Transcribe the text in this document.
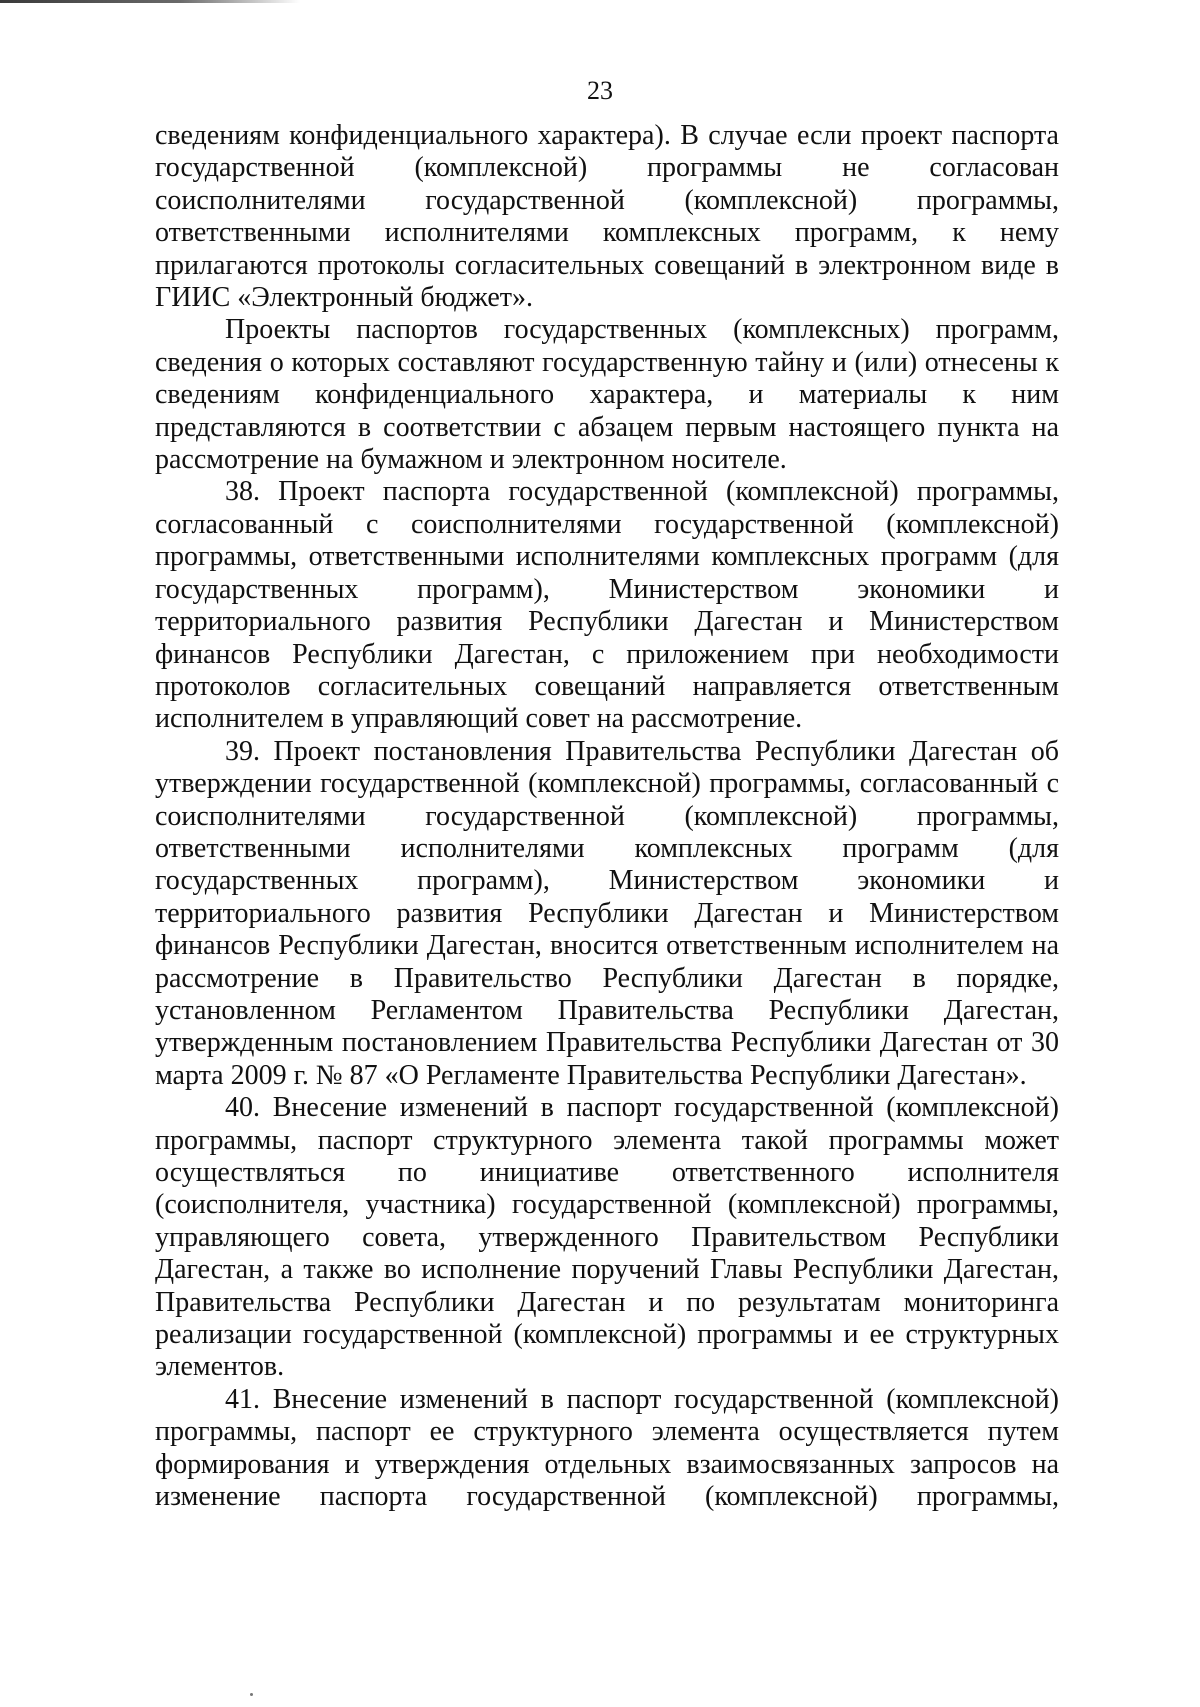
23

сведениям конфиденциального характера). В случае если проект паспорта государственной (комплексной) программы не согласован соисполнителями государственной (комплексной) программы, ответственными исполнителями комплексных программ, к нему прилагаются протоколы согласительных совещаний в электронном виде в ГИИС «Электронный бюджет».

Проекты паспортов государственных (комплексных) программ, сведения о которых составляют государственную тайну и (или) отнесены к сведениям конфиденциального характера, и материалы к ним представляются в соответствии с абзацем первым настоящего пункта на рассмотрение на бумажном и электронном носителе.

38. Проект паспорта государственной (комплексной) программы, согласованный с соисполнителями государственной (комплексной) программы, ответственными исполнителями комплексных программ (для государственных программ), Министерством экономики и территориального развития Республики Дагестан и Министерством финансов Республики Дагестан, с приложением при необходимости протоколов согласительных совещаний направляется ответственным исполнителем в управляющий совет на рассмотрение.

39. Проект постановления Правительства Республики Дагестан об утверждении государственной (комплексной) программы, согласованный с соисполнителями государственной (комплексной) программы, ответственными исполнителями комплексных программ (для государственных программ), Министерством экономики и территориального развития Республики Дагестан и Министерством финансов Республики Дагестан, вносится ответственным исполнителем на рассмотрение в Правительство Республики Дагестан в порядке, установленном Регламентом Правительства Республики Дагестан, утвержденным постановлением Правительства Республики Дагестан от 30 марта 2009 г. № 87 «О Регламенте Правительства Республики Дагестан».

40. Внесение изменений в паспорт государственной (комплексной) программы, паспорт структурного элемента такой программы может осуществляться по инициативе ответственного исполнителя (соисполнителя, участника) государственной (комплексной) программы, управляющего совета, утвержденного Правительством Республики Дагестан, а также во исполнение поручений Главы Республики Дагестан, Правительства Республики Дагестан и по результатам мониторинга реализации государственной (комплексной) программы и ее структурных элементов.

41. Внесение изменений в паспорт государственной (комплексной) программы, паспорт ее структурного элемента осуществляется путем формирования и утверждения отдельных взаимосвязанных запросов на изменение паспорта государственной (комплексной) программы,
